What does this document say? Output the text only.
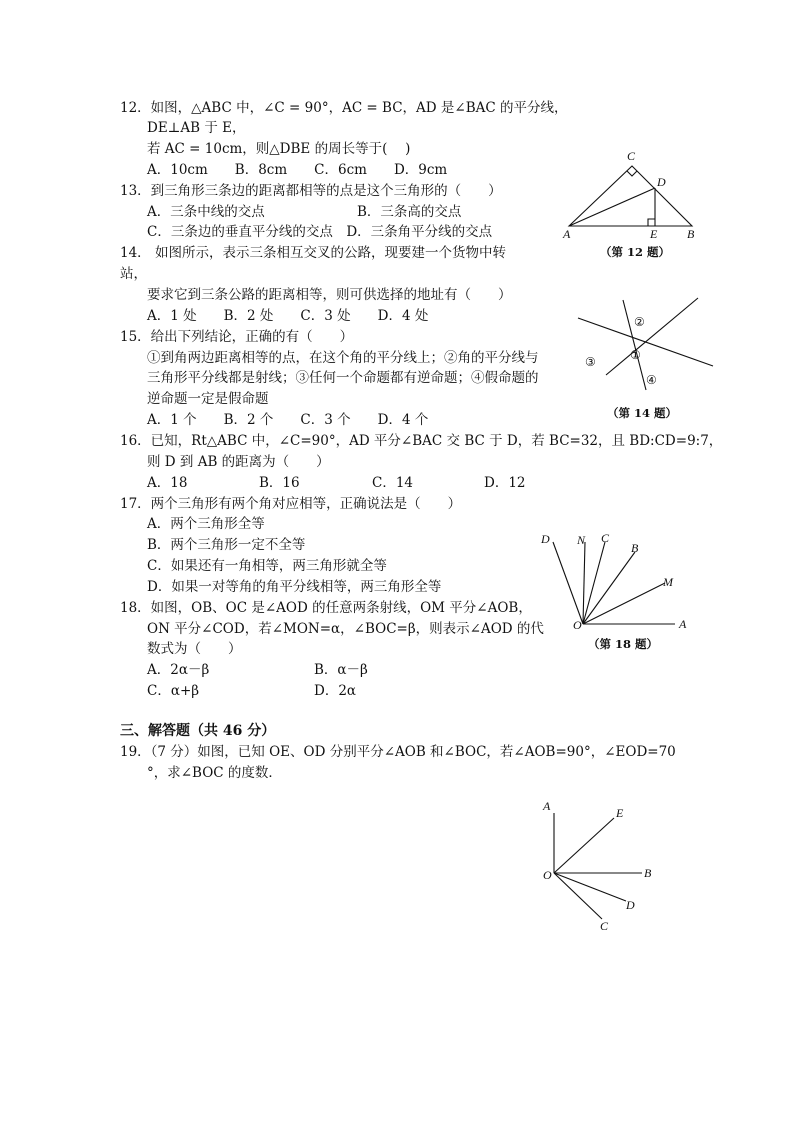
12．如图，△ABC 中，∠C = 90°，AC = BC，AD 是∠BAC 的平分线，
DE⊥AB 于 E，
若 AC = 10cm，则△DBE 的周长等于(　 )
A．10cm　　B．8cm　　C．6cm　　D．9cm
13．到三角形三条边的距离都相等的点是这个三角形的（　　）
A．三条中线的交点	B．三条高的交点
C．三条边的垂直平分线的交点　D．三条角平分线的交点
14． 如图所示，表示三条相互交叉的公路，现要建一个货物中转
站，
要求它到三条公路的距离相等，则可供选择的地址有（　　）
A．1 处　　B．2 处　　C．3 处　　D．4 处
15．给出下列结论，正确的有（　　）
①到角两边距离相等的点，在这个角的平分线上；②角的平分线与
三角形平分线都是射线；③任何一个命题都有逆命题；④假命题的
逆命题一定是假命题
A．1 个　　B．2 个　　C．3 个　　D．4 个
16．已知，Rt△ABC 中，∠C=90°，AD 平分∠BAC 交 BC 于 D，若 BC=32，且 BD:CD=9:7，
则 D 到 AB 的距离为（　　）
A．18	B．16	C．14	D．12
17．两个三角形有两个角对应相等，正确说法是（　　）
A．两个三角形全等
B．两个三角形一定不全等
C．如果还有一角相等，两三角形就全等
D．如果一对等角的角平分线相等，两三角形全等
18．如图，OB、OC 是∠AOD 的任意两条射线，OM 平分∠AOB，
ON 平分∠COD，若∠MON=α，∠BOC=β，则表示∠AOD 的代
数式为（　　）
A．2α－β	B．α－β
C．α+β	D．2α
三、解答题（共 46 分）
19．（7 分）如图，已知 OE、OD 分别平分∠AOB 和∠BOC，若∠AOB=90°，∠EOD=70
°，求∠BOC 的度数．
C
D
A	E B
（第 12 题）
②
①
③
④
（第 14 题）
D N C
B
M
O	A
（第 18 题）
A	E
B
O
D
C
